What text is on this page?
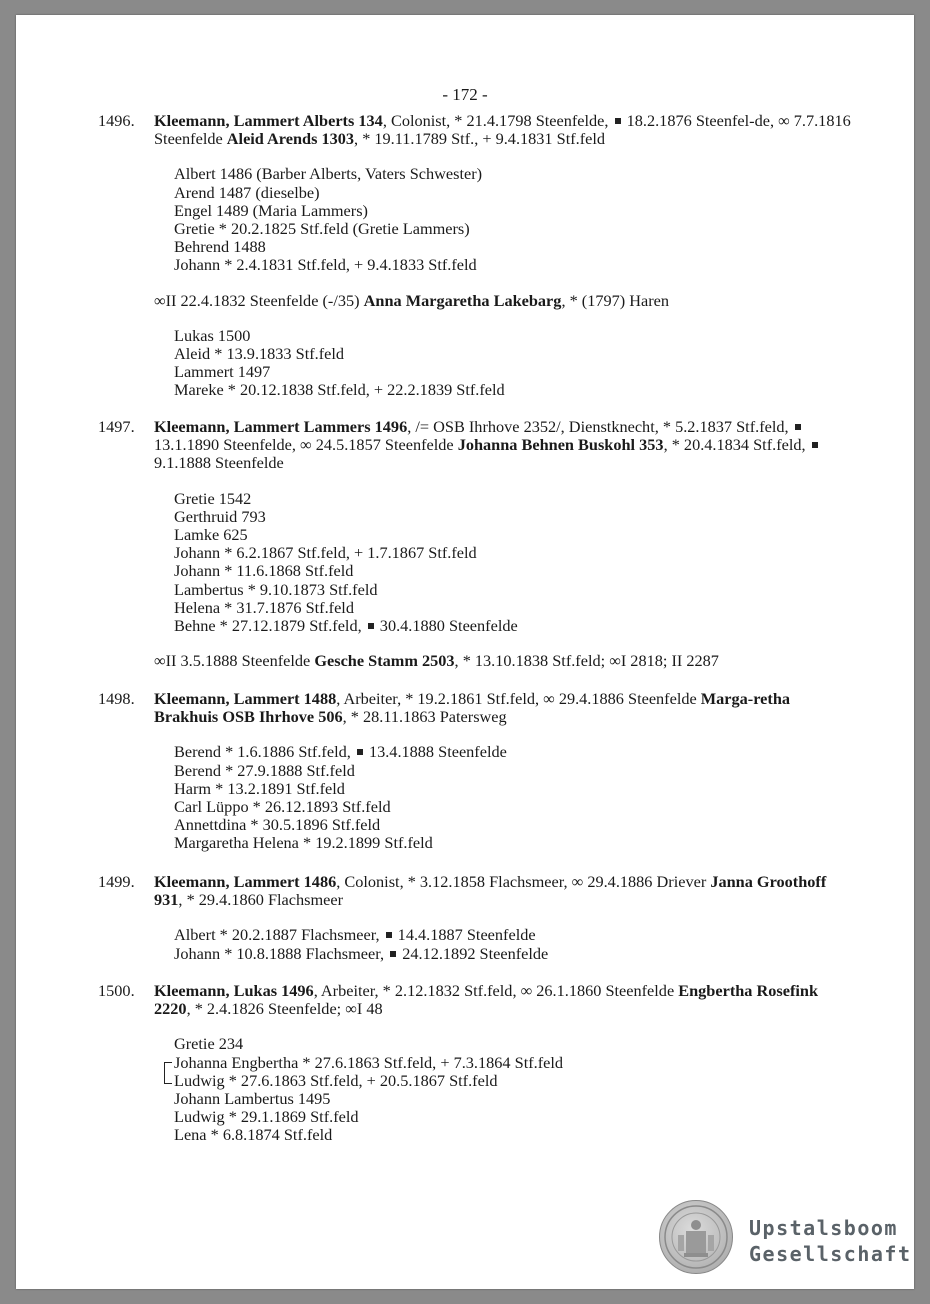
- 172 -
1496. Kleemann, Lammert Alberts 134, Colonist, * 21.4.1798 Steenfelde,  18.2.1876 Steenfel-de, ∞ 7.7.1816 Steenfelde Aleid Arends 1303, * 19.11.1789 Stf., + 9.4.1831 Stf.feld
Albert 1486 (Barber Alberts, Vaters Schwester)
Arend 1487 (dieselbe)
Engel 1489 (Maria Lammers)
Gretie * 20.2.1825 Stf.feld (Gretie Lammers)
Behrend 1488
Johann * 2.4.1831 Stf.feld, + 9.4.1833 Stf.feld
∞II 22.4.1832 Steenfelde (-/35) Anna Margaretha Lakebarg, * (1797) Haren
Lukas 1500
Aleid * 13.9.1833 Stf.feld
Lammert 1497
Mareke * 20.12.1838 Stf.feld, + 22.2.1839 Stf.feld
1497. Kleemann, Lammert Lammers 1496, /= OSB Ihrhove 2352/, Dienstknecht, * 5.2.1837 Stf.feld,  13.1.1890 Steenfelde, ∞ 24.5.1857 Steenfelde Johanna Behnen Buskohl 353, * 20.4.1834 Stf.feld,  9.1.1888 Steenfelde
Gretie 1542
Gerthruid 793
Lamke 625
Johann * 6.2.1867 Stf.feld, + 1.7.1867 Stf.feld
Johann * 11.6.1868 Stf.feld
Lambertus * 9.10.1873 Stf.feld
Helena * 31.7.1876 Stf.feld
Behne * 27.12.1879 Stf.feld,  30.4.1880 Steenfelde
∞II 3.5.1888 Steenfelde Gesche Stamm 2503, * 13.10.1838 Stf.feld; ∞I 2818; II 2287
1498. Kleemann, Lammert 1488, Arbeiter, * 19.2.1861 Stf.feld, ∞ 29.4.1886 Steenfelde Marga-retha Brakhuis OSB Ihrhove 506, * 28.11.1863 Patersweg
Berend * 1.6.1886 Stf.feld,  13.4.1888 Steenfelde
Berend * 27.9.1888 Stf.feld
Harm * 13.2.1891 Stf.feld
Carl Lüppo * 26.12.1893 Stf.feld
Annettdina * 30.5.1896 Stf.feld
Margaretha Helena * 19.2.1899 Stf.feld
1499. Kleemann, Lammert 1486, Colonist, * 3.12.1858 Flachsmeer, ∞ 29.4.1886 Driever Janna Groothoff 931, * 29.4.1860 Flachsmeer
Albert * 20.2.1887 Flachsmeer,  14.4.1887 Steenfelde
Johann * 10.8.1888 Flachsmeer,  24.12.1892 Steenfelde
1500. Kleemann, Lukas 1496, Arbeiter, * 2.12.1832 Stf.feld, ∞ 26.1.1860 Steenfelde Engbertha Rosefink 2220, * 2.4.1826 Steenfelde; ∞I 48
Gretie 234
Johanna Engbertha * 27.6.1863 Stf.feld, + 7.3.1864 Stf.feld
Ludwig * 27.6.1863 Stf.feld, + 20.5.1867 Stf.feld
Johann Lambertus 1495
Ludwig * 29.1.1869 Stf.feld
Lena * 6.8.1874 Stf.feld
Upstalsboom
Gesellschaft
